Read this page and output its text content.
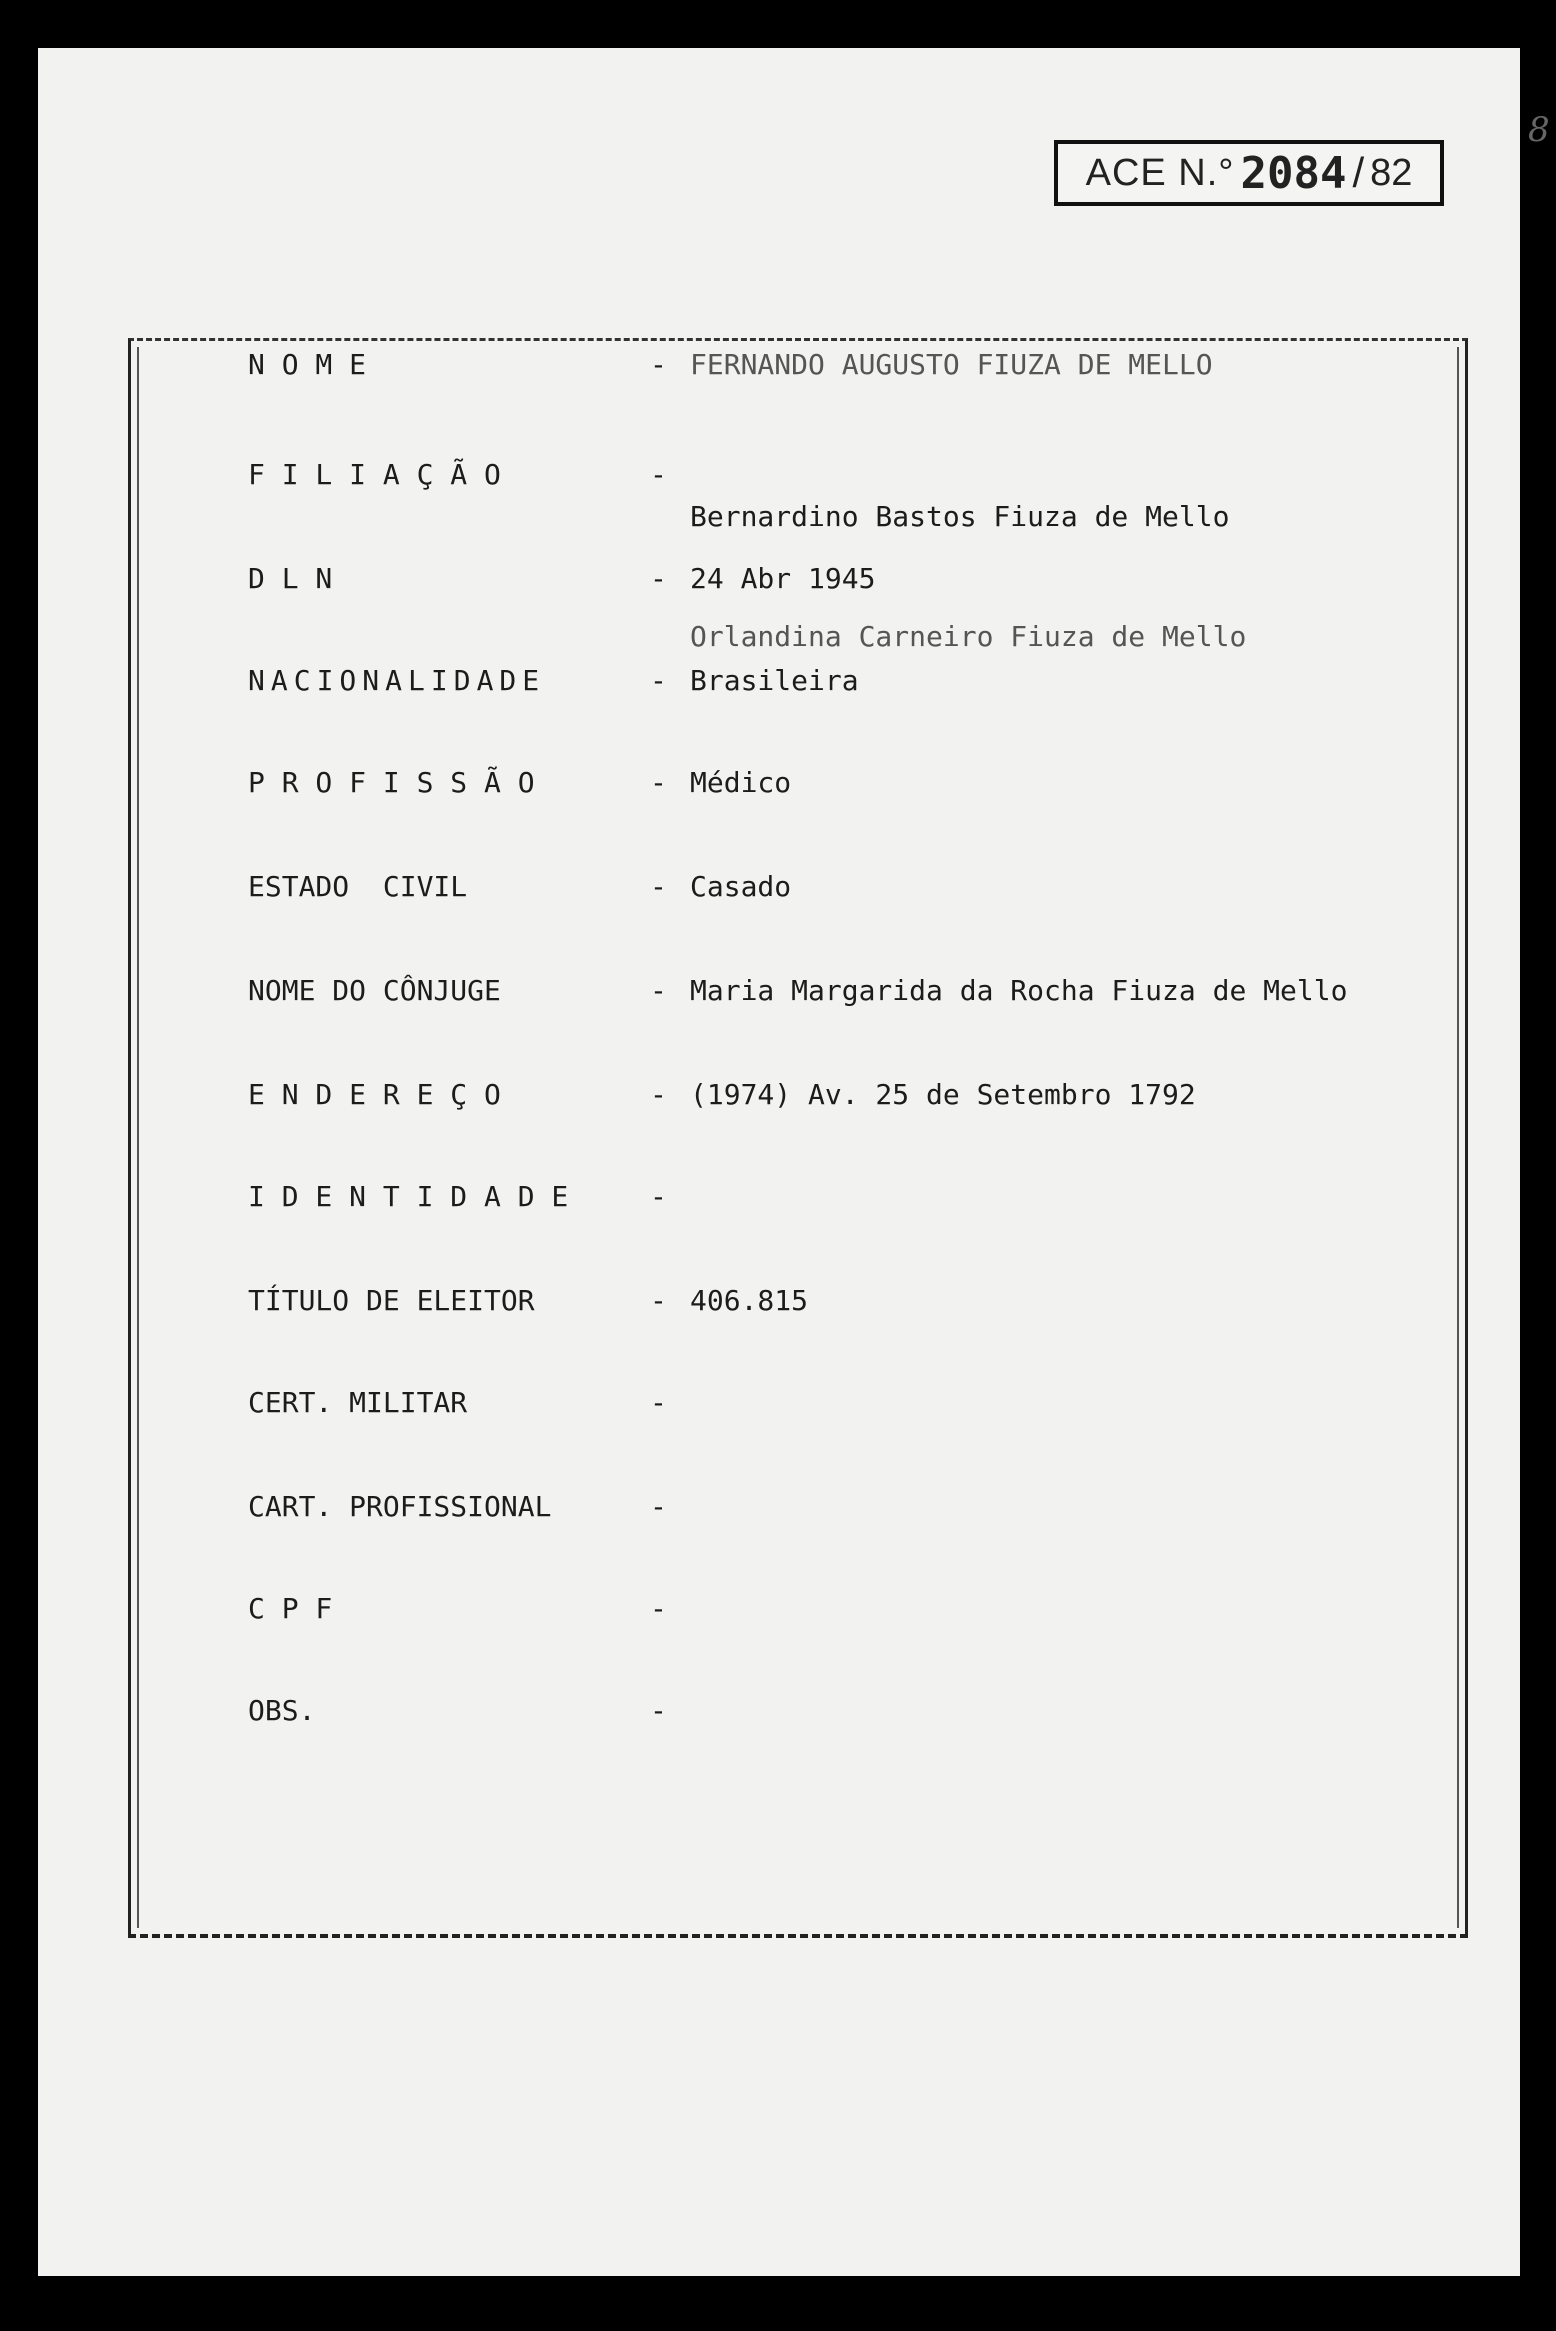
8
ACE N.° 2084 / 82
N O M E	- FERNANDO AUGUSTO FIUZA DE MELLO
F I L I A Ç Ã O	-

Bernardino Bastos Fiuza de Mello

Orlandina Carneiro Fiuza de Mello

D L N	- 24 Abr 1945
NACIONALIDADE	- Brasileira
P R O F I S S Ã O	- Médico
ESTADO  CIVIL	- Casado
NOME DO CÔNJUGE	- Maria Margarida da Rocha Fiuza de Mello
E N D E R E Ç O	- (1974) Av. 25 de Setembro 1792
I D E N T I D A D E	-
TÍTULO DE ELEITOR	- 406.815
CERT. MILITAR	-
CART. PROFISSIONAL	-
C P F	-
OBS.	-
